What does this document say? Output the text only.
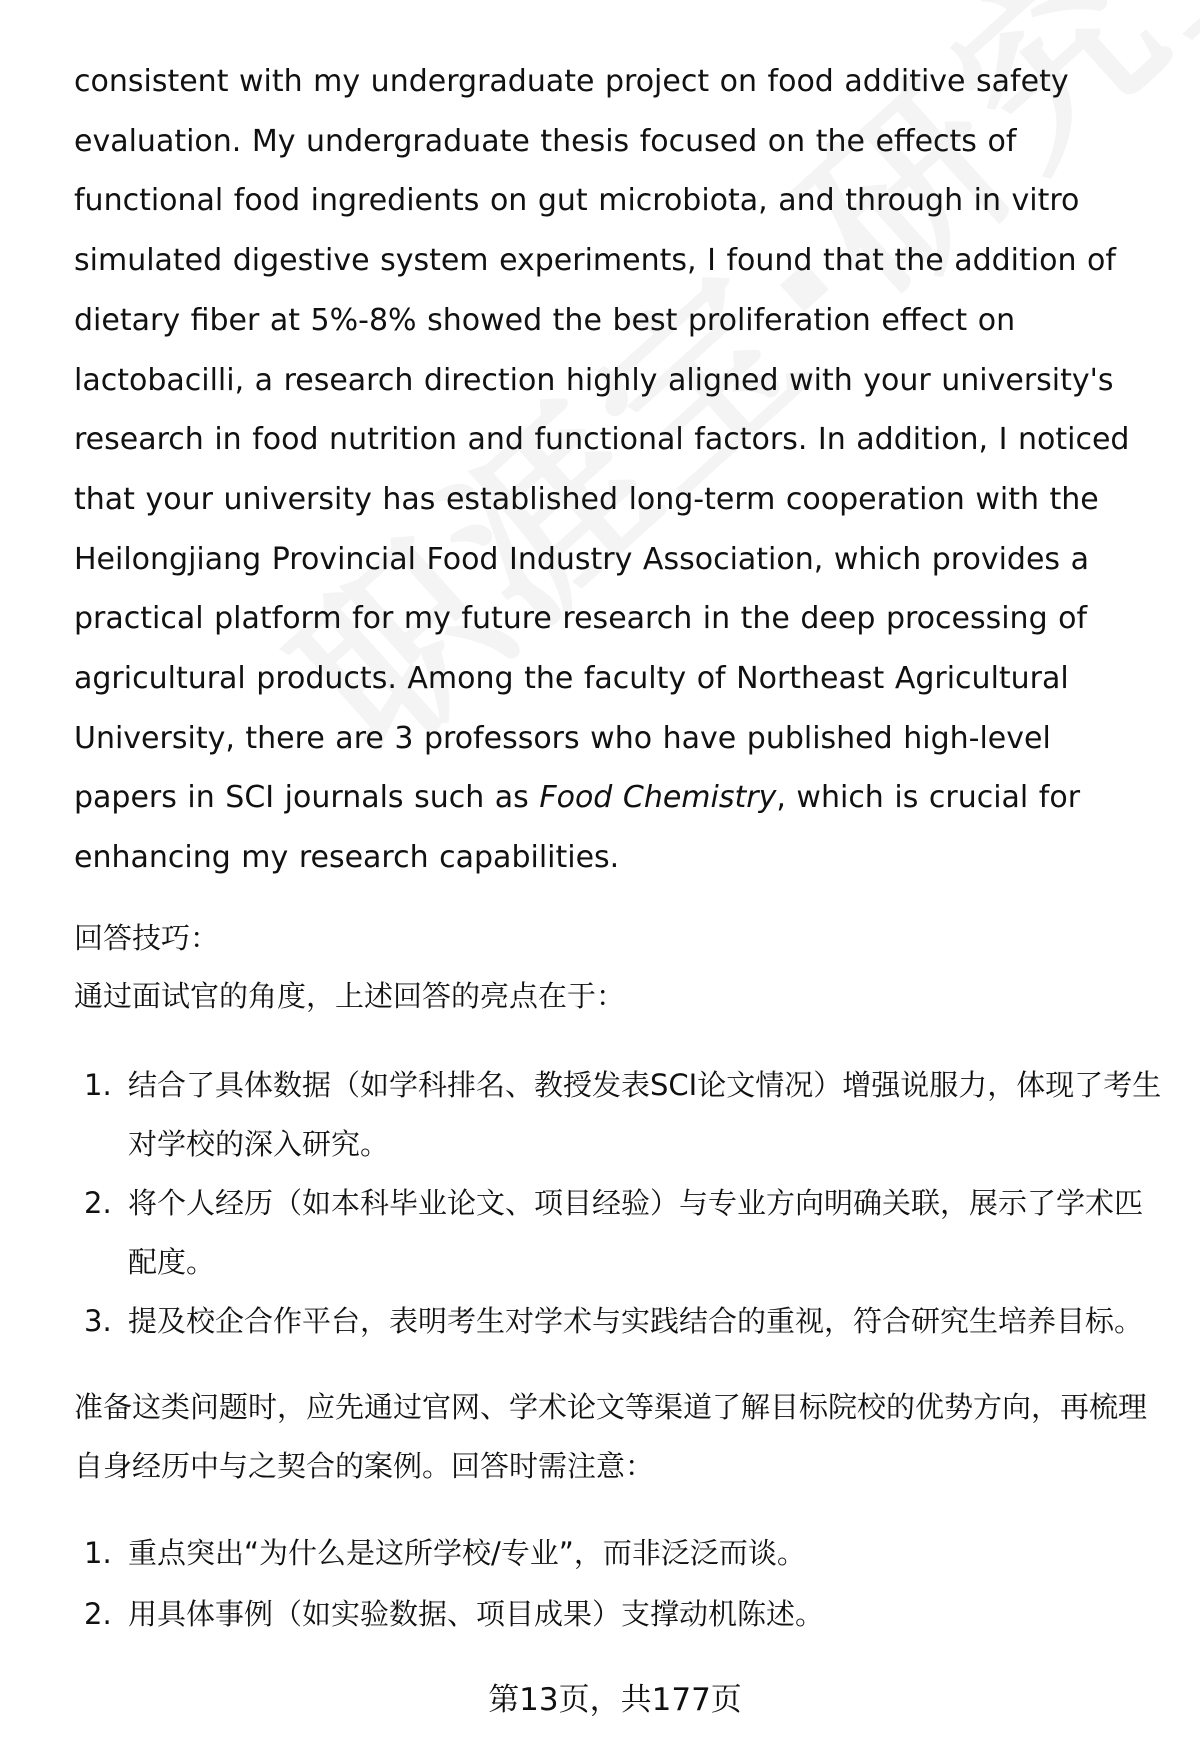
consistent with my undergraduate project on food additive safety evaluation. My undergraduate thesis focused on the effects of functional food ingredients on gut microbiota, and through in vitro simulated digestive system experiments, I found that the addition of dietary fiber at 5%-8% showed the best proliferation effect on lactobacilli, a research direction highly aligned with your university's research in food nutrition and functional factors. In addition, I noticed that your university has established long-term cooperation with the Heilongjiang Provincial Food Industry Association, which provides a practical platform for my future research in the deep processing of agricultural products. Among the faculty of Northeast Agricultural University, there are 3 professors who have published high-level papers in SCI journals such as Food Chemistry, which is crucial for enhancing my research capabilities.

回答技巧：

通过面试官的角度，上述回答的亮点在于：

1. 结合了具体数据（如学科排名、教授发表SCI论文情况）增强说服力，体现了考生对学校的深入研究。
2. 将个人经历（如本科毕业论文、项目经验）与专业方向明确关联，展示了学术匹配度。
3. 提及校企合作平台，表明考生对学术与实践结合的重视，符合研究生培养目标。

准备这类问题时，应先通过官网、学术论文等渠道了解目标院校的优势方向，再梳理自身经历中与之契合的案例。回答时需注意：

1. 重点突出“为什么是这所学校/专业”，而非泛泛而谈。
2. 用具体事例（如实验数据、项目成果）支撑动机陈述。
第13页，共177页
